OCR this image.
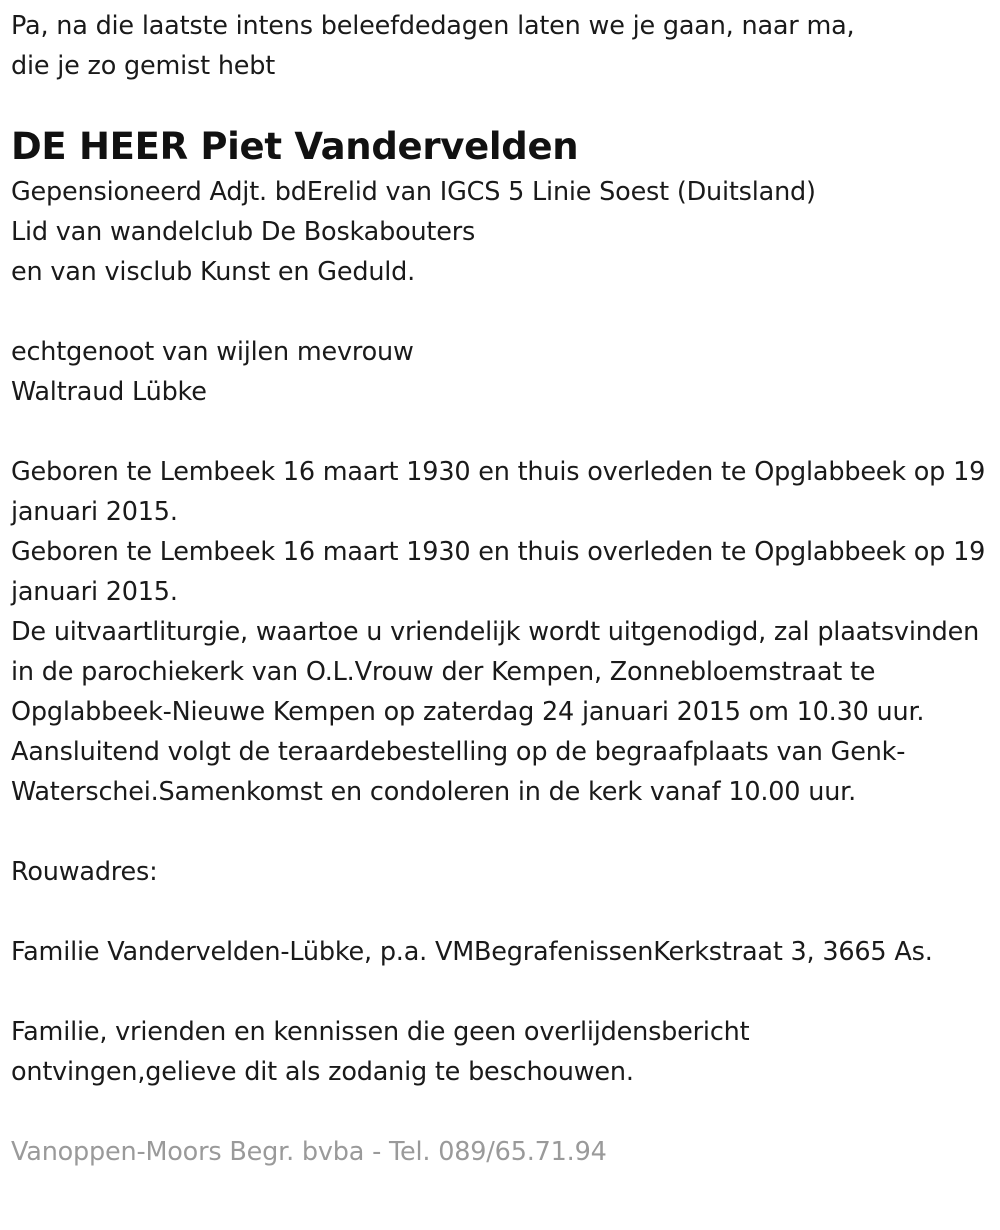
Pa, na die laatste intens beleefdedagen laten we je gaan, naar ma,
die je zo gemist hebt
DE HEER Piet Vandervelden
Gepensioneerd Adjt. bdErelid van IGCS 5 Linie Soest (Duitsland)
Lid van wandelclub De Boskabouters
en van visclub Kunst en Geduld.
echtgenoot van wijlen mevrouw
Waltraud Lübke
Geboren te Lembeek 16 maart 1930 en thuis overleden te Opglabbeek op 19 januari 2015.
Geboren te Lembeek 16 maart 1930 en thuis overleden te Opglabbeek op 19 januari 2015.
De uitvaartliturgie, waartoe u vriendelijk wordt uitgenodigd, zal plaatsvinden in de parochiekerk van O.L.Vrouw der Kempen, Zonnebloemstraat te Opglabbeek-Nieuwe Kempen op zaterdag 24 januari 2015 om 10.30 uur. Aansluitend volgt de teraardebestelling op de begraafplaats van Genk-Waterschei.Samenkomst en condoleren in de kerk vanaf 10.00 uur.
Rouwadres:
Familie Vandervelden-Lübke, p.a. VMBegrafenissenKerkstraat 3, 3665 As.
Familie, vrienden en kennissen die geen overlijdensbericht
ontvingen,gelieve dit als zodanig te beschouwen.
Vanoppen-Moors Begr. bvba - Tel. 089/65.71.94
